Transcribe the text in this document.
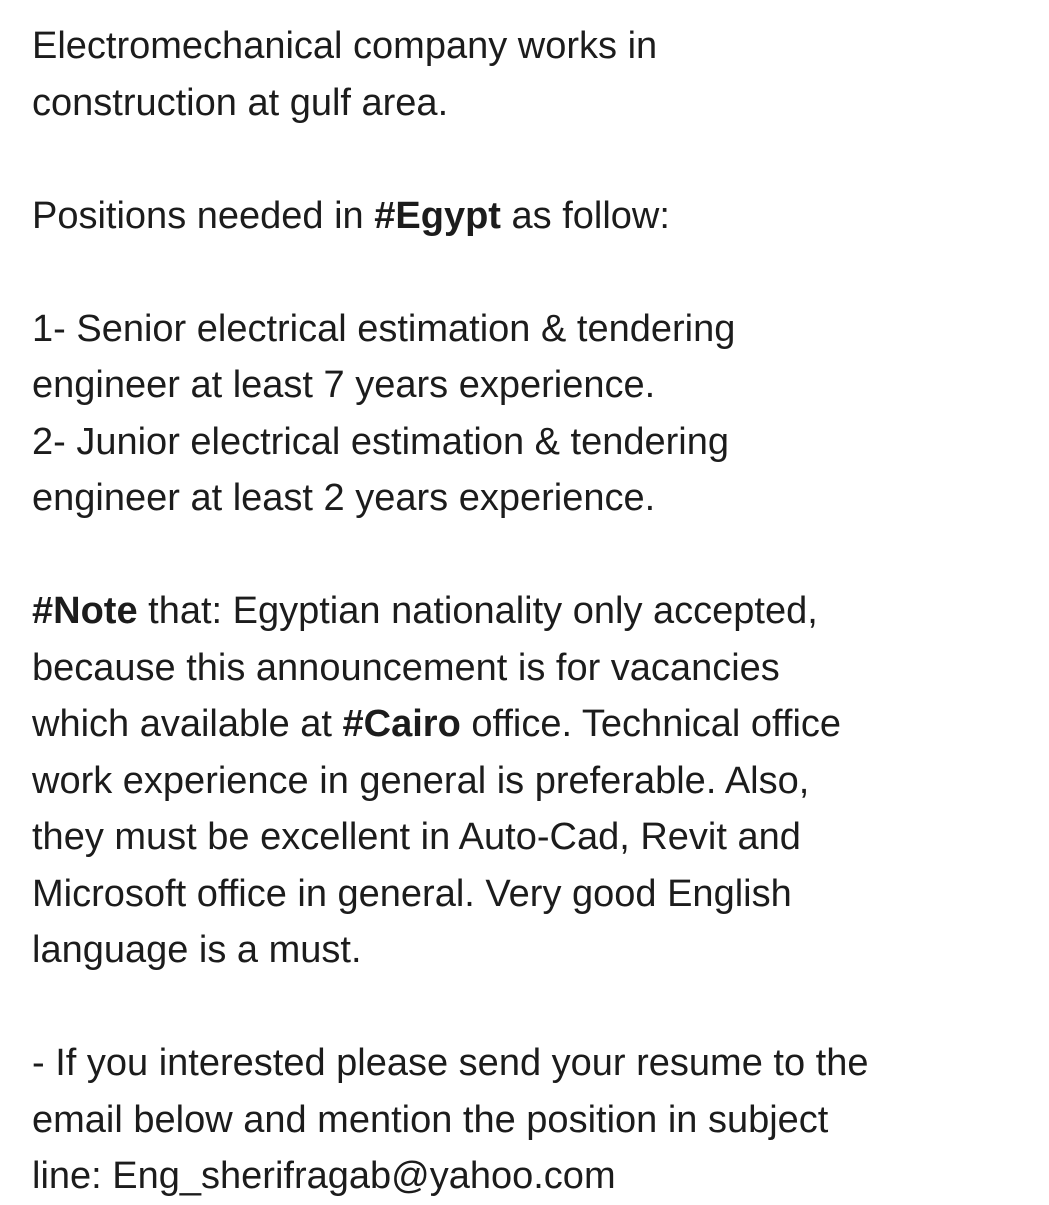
Electromechanical company works in
construction at gulf area.

Positions needed in #Egypt as follow:

1- Senior electrical estimation & tendering
engineer at least 7 years experience.
2- Junior electrical estimation & tendering
engineer at least 2 years experience.

#Note that: Egyptian nationality only accepted,
because this announcement is for vacancies
which available at #Cairo office. Technical office
work experience in general is preferable. Also,
they must be excellent in Auto-Cad, Revit and
Microsoft office in general. Very good English
language is a must.

- If you interested please send your resume to the
email below and mention the position in subject
line: Eng_sherifragab@yahoo.com
